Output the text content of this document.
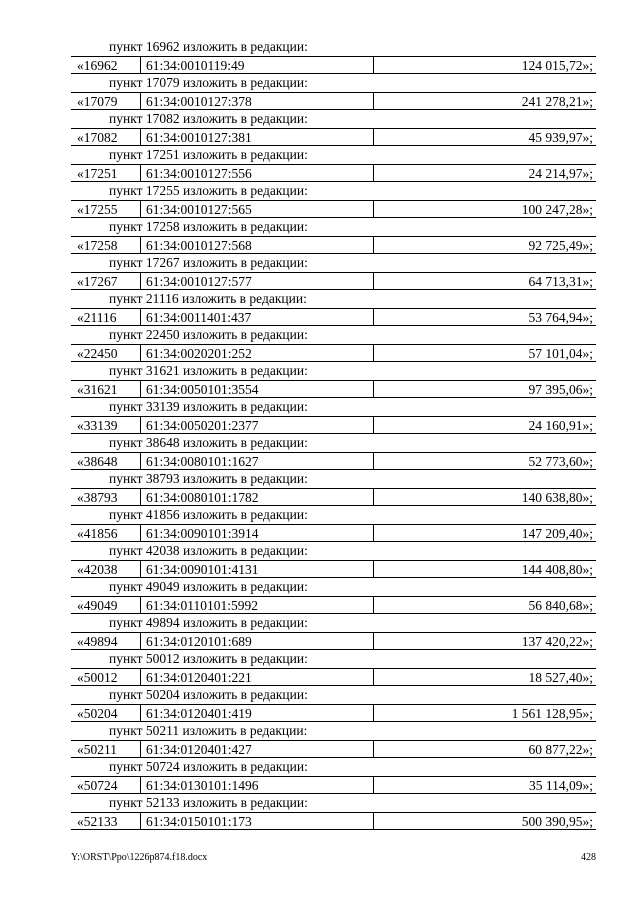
пункт 16962 изложить в редакции:
«16962	61:34:0010119:49	124 015,72»;
пункт 17079 изложить в редакции:
«17079	61:34:0010127:378	241 278,21»;
пункт 17082 изложить в редакции:
«17082	61:34:0010127:381	45 939,97»;
пункт 17251 изложить в редакции:
«17251	61:34:0010127:556	24 214,97»;
пункт 17255 изложить в редакции:
«17255	61:34:0010127:565	100 247,28»;
пункт 17258 изложить в редакции:
«17258	61:34:0010127:568	92 725,49»;
пункт 17267 изложить в редакции:
«17267	61:34:0010127:577	64 713,31»;
пункт 21116 изложить в редакции:
«21116	61:34:0011401:437	53 764,94»;
пункт 22450 изложить в редакции:
«22450	61:34:0020201:252	57 101,04»;
пункт 31621 изложить в редакции:
«31621	61:34:0050101:3554	97 395,06»;
пункт 33139 изложить в редакции:
«33139	61:34:0050201:2377	24 160,91»;
пункт 38648 изложить в редакции:
«38648	61:34:0080101:1627	52 773,60»;
пункт 38793 изложить в редакции:
«38793	61:34:0080101:1782	140 638,80»;
пункт 41856 изложить в редакции:
«41856	61:34:0090101:3914	147 209,40»;
пункт 42038 изложить в редакции:
«42038	61:34:0090101:4131	144 408,80»;
пункт 49049 изложить в редакции:
«49049	61:34:0110101:5992	56 840,68»;
пункт 49894 изложить в редакции:
«49894	61:34:0120101:689	137 420,22»;
пункт 50012 изложить в редакции:
«50012	61:34:0120401:221	18 527,40»;
пункт 50204 изложить в редакции:
«50204	61:34:0120401:419	1 561 128,95»;
пункт 50211 изложить в редакции:
«50211	61:34:0120401:427	60 877,22»;
пункт 50724 изложить в редакции:
«50724	61:34:0130101:1496	35 114,09»;
пункт 52133 изложить в редакции:
«52133	61:34:0150101:173	500 390,95»;
Y:\ORST\Ppo\1226p874.f18.docx	428
